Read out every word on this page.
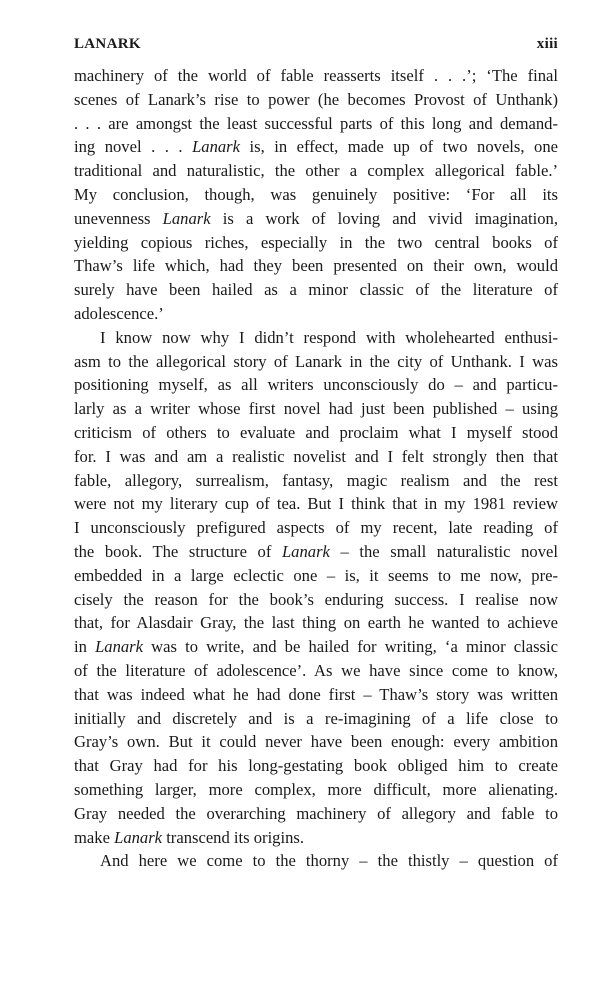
LANARK	xiii
machinery of the world of fable reasserts itself . . .’; ‘The final
scenes of Lanark’s rise to power (he becomes Provost of Unthank)
. . . are amongst the least successful parts of this long and demand-
ing novel . . . Lanark is, in effect, made up of two novels, one
traditional and naturalistic, the other a complex allegorical fable.’
My conclusion, though, was genuinely positive: ‘For all its
unevenness Lanark is a work of loving and vivid imagination,
yielding copious riches, especially in the two central books of
Thaw’s life which, had they been presented on their own, would
surely have been hailed as a minor classic of the literature of
adolescence.’
I know now why I didn’t respond with wholehearted enthusi-
asm to the allegorical story of Lanark in the city of Unthank. I was
positioning myself, as all writers unconsciously do – and particu-
larly as a writer whose first novel had just been published – using
criticism of others to evaluate and proclaim what I myself stood
for. I was and am a realistic novelist and I felt strongly then that
fable, allegory, surrealism, fantasy, magic realism and the rest
were not my literary cup of tea. But I think that in my 1981 review
I unconsciously prefigured aspects of my recent, late reading of
the book. The structure of Lanark – the small naturalistic novel
embedded in a large eclectic one – is, it seems to me now, pre-
cisely the reason for the book’s enduring success. I realise now
that, for Alasdair Gray, the last thing on earth he wanted to achieve
in Lanark was to write, and be hailed for writing, ‘a minor classic
of the literature of adolescence’. As we have since come to know,
that was indeed what he had done first – Thaw’s story was written
initially and discretely and is a re-imagining of a life close to
Gray’s own. But it could never have been enough: every ambition
that Gray had for his long-gestating book obliged him to create
something larger, more complex, more difficult, more alienating.
Gray needed the overarching machinery of allegory and fable to
make Lanark transcend its origins.
And here we come to the thorny – the thistly – question of
